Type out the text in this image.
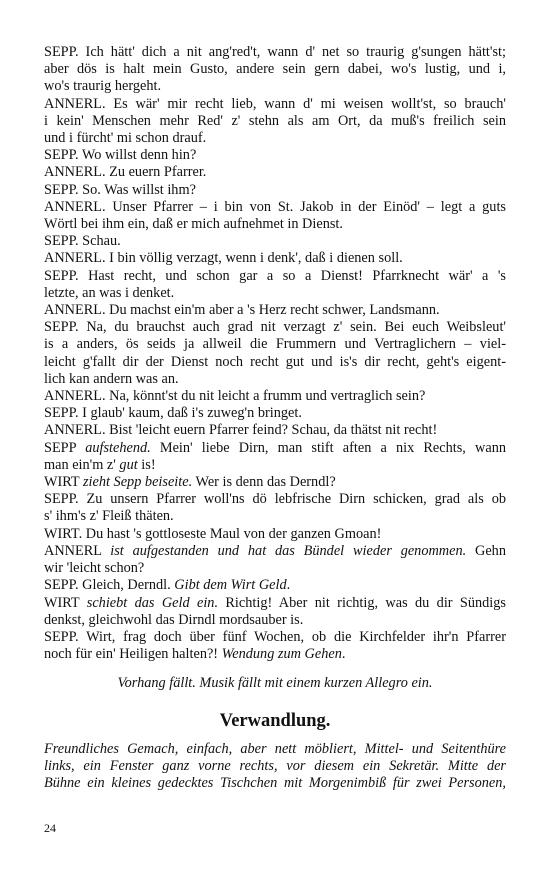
SEPP. Ich hätt' dich a nit ang'red't, wann d' net so traurig g'sungen hätt'st;
aber dös is halt mein Gusto, andere sein gern dabei, wo's lustig, und i,
wo's traurig hergeht.
ANNERL. Es wär' mir recht lieb, wann d' mi weisen wollt'st, so brauch'
i kein' Menschen mehr Red' z' stehn als am Ort, da muß's freilich sein
und i fürcht' mi schon drauf.
SEPP. Wo willst denn hin?
ANNERL. Zu euern Pfarrer.
SEPP. So. Was willst ihm?
ANNERL. Unser Pfarrer – i bin von St. Jakob in der Einöd' – legt a guts
Wörtl bei ihm ein, daß er mich aufnehmet in Dienst.
SEPP. Schau.
ANNERL. I bin völlig verzagt, wenn i denk', daß i dienen soll.
SEPP. Hast recht, und schon gar a so a Dienst! Pfarrknecht wär' a 's
letzte, an was i denket.
ANNERL. Du machst ein'm aber a 's Herz recht schwer, Landsmann.
SEPP. Na, du brauchst auch grad nit verzagt z' sein. Bei euch Weibsleut'
is a anders, ös seids ja allweil die Frummern und Vertraglichern – viel-
leicht g'fallt dir der Dienst noch recht gut und is's dir recht, geht's eigent-
lich kan andern was an.
ANNERL. Na, könnt'st du nit leicht a frumm und vertraglich sein?
SEPP. I glaub' kaum, daß i's zuweg'n bringet.
ANNERL. Bist 'leicht euern Pfarrer feind? Schau, da thätst nit recht!
SEPP aufstehend. Mein' liebe Dirn, man stift aften a nix Rechts, wann
man ein'm z' gut is!
WIRT zieht Sepp beiseite. Wer is denn das Derndl?
SEPP. Zu unsern Pfarrer woll'ns dö lebfrische Dirn schicken, grad als ob
s' ihm's z' Fleiß thäten.
WIRT. Du hast 's gottloseste Maul von der ganzen Gmoan!
ANNERL ist aufgestanden und hat das Bündel wieder genommen. Gehn
wir 'leicht schon?
SEPP. Gleich, Derndl. Gibt dem Wirt Geld.
WIRT schiebt das Geld ein. Richtig! Aber nit richtig, was du dir Sündigs
denkst, gleichwohl das Dirndl mordsauber is.
SEPP. Wirt, frag doch über fünf Wochen, ob die Kirchfelder ihr'n Pfarrer
noch für ein' Heiligen halten?! Wendung zum Gehen.
Vorhang fällt. Musik fällt mit einem kurzen Allegro ein.
Verwandlung.
Freundliches Gemach, einfach, aber nett möbliert, Mittel- und Seitenthüre
links, ein Fenster ganz vorne rechts, vor diesem ein Sekretär. Mitte der
Bühne ein kleines gedecktes Tischchen mit Morgenimbiß für zwei Personen,
24
